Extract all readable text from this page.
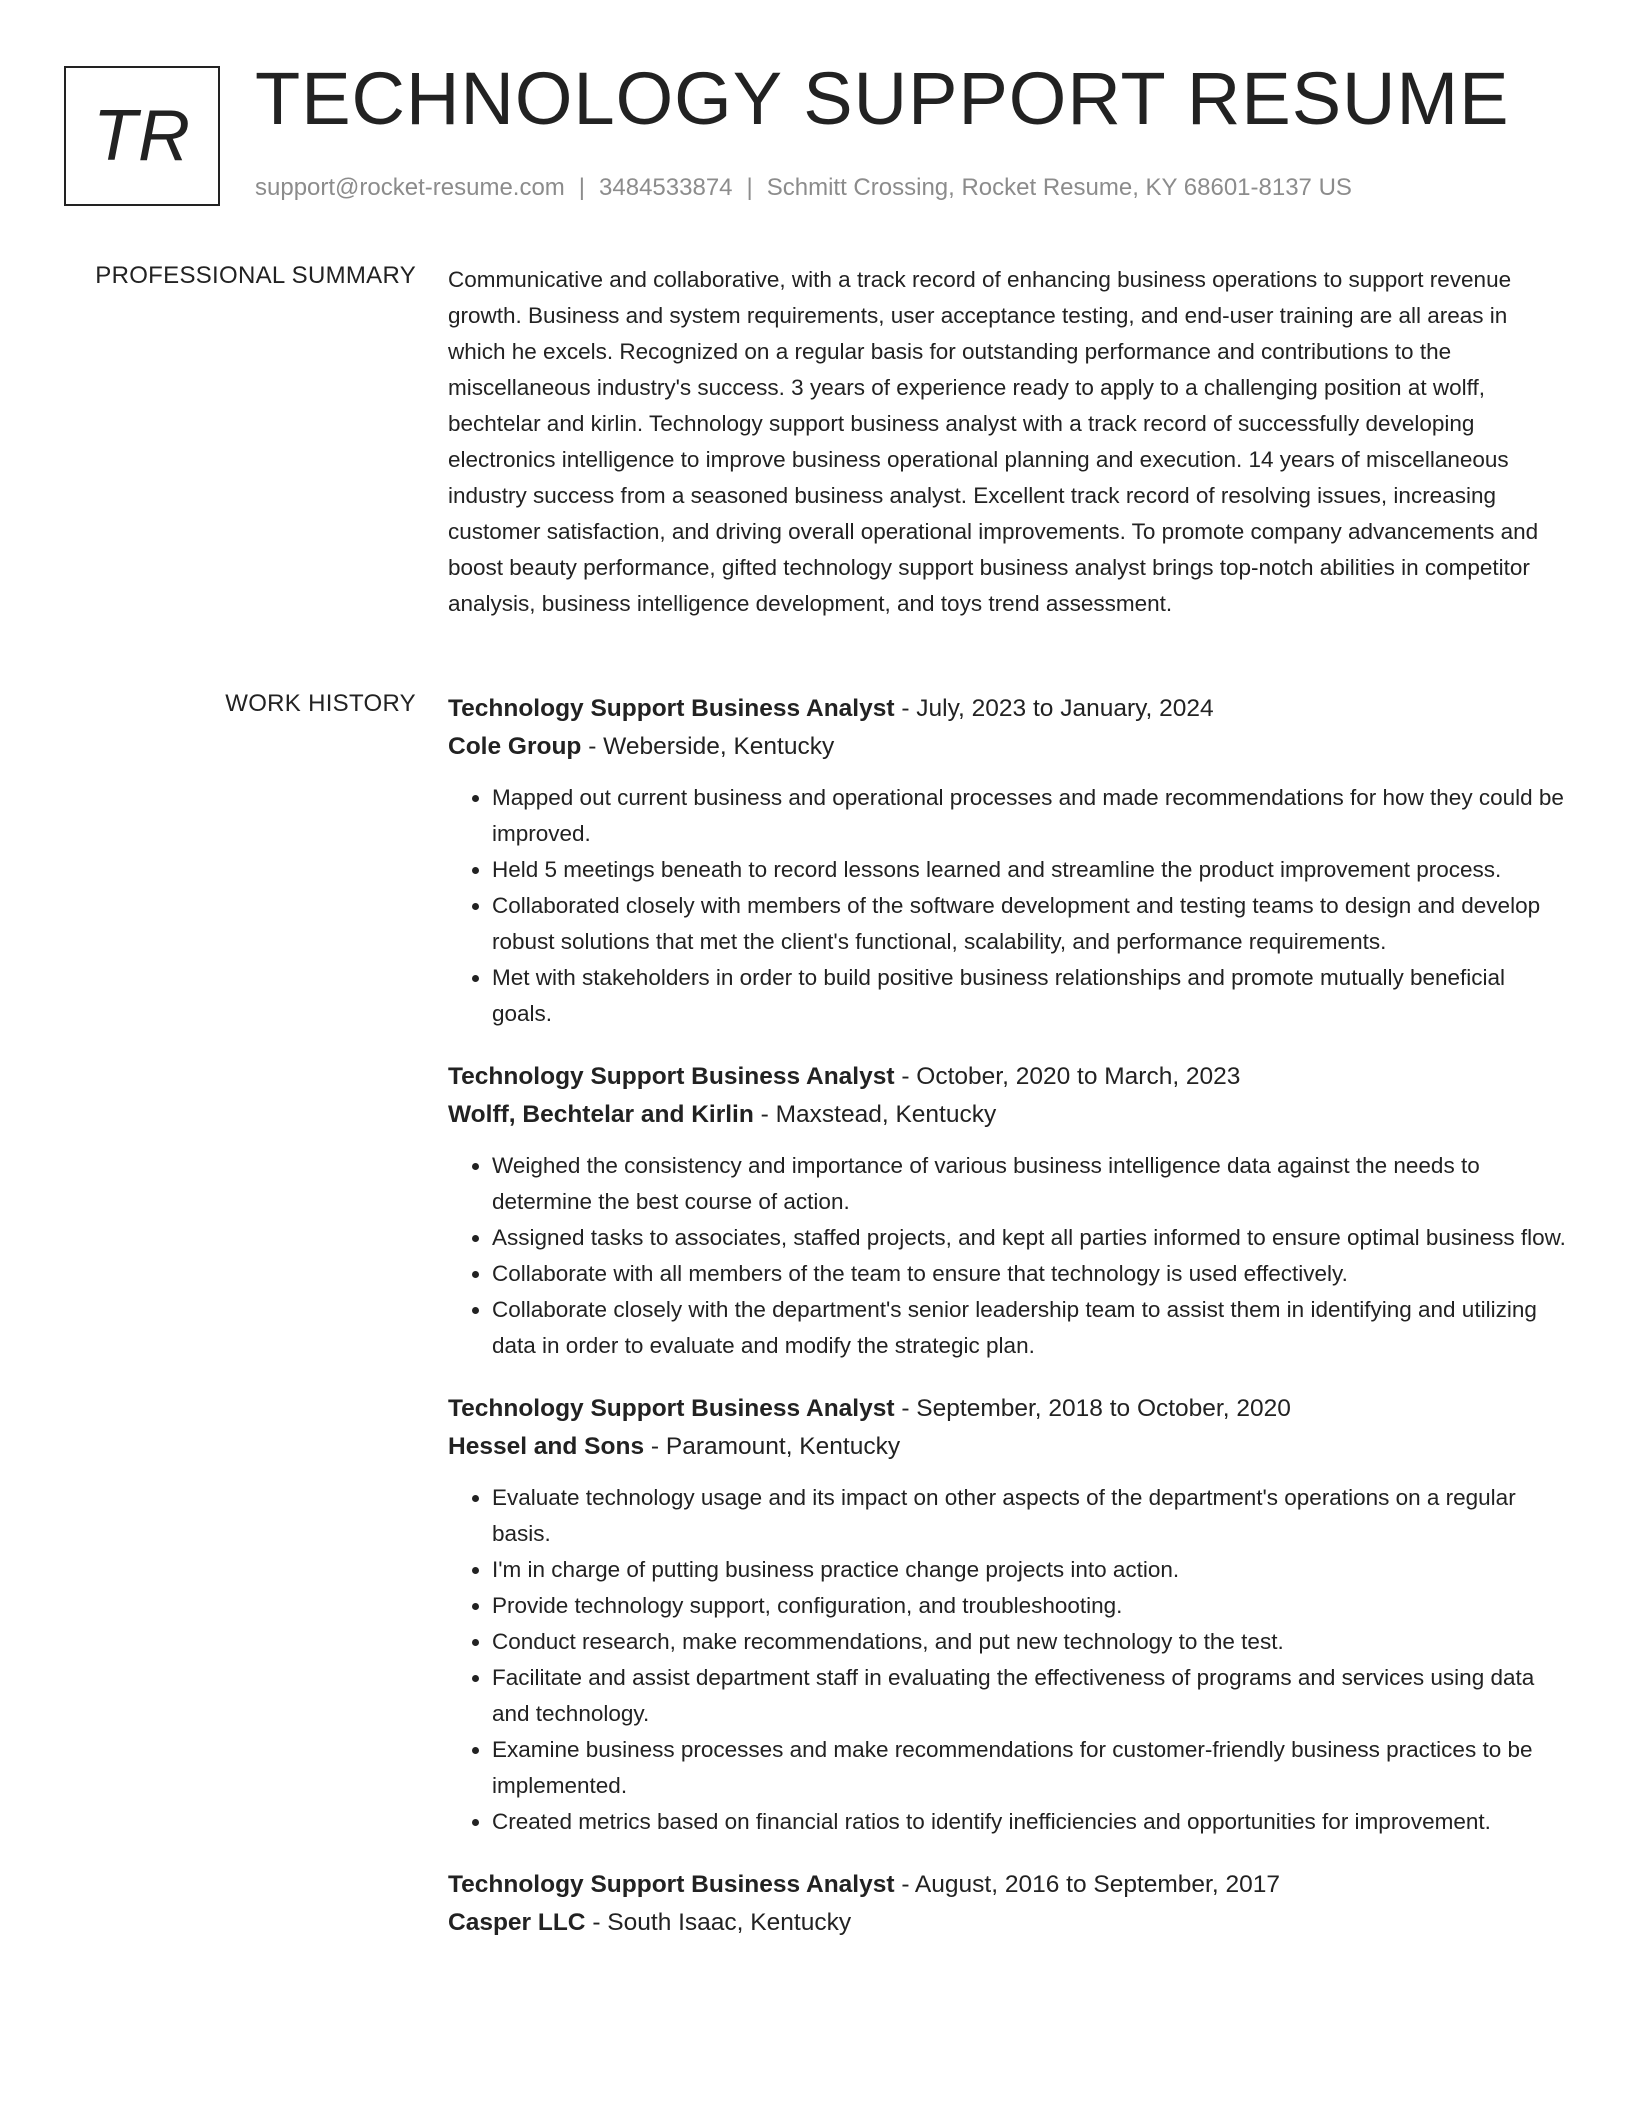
TR TECHNOLOGY SUPPORT RESUME
support@rocket-resume.com | 3484533874 | Schmitt Crossing, Rocket Resume, KY 68601-8137 US
PROFESSIONAL SUMMARY Communicative and collaborative, with a track record of enhancing business operations to support revenue growth. Business and system requirements, user acceptance testing, and end-user training are all areas in which he excels. Recognized on a regular basis for outstanding performance and contributions to the miscellaneous industry's success. 3 years of experience ready to apply to a challenging position at wolff, bechtelar and kirlin. Technology support business analyst with a track record of successfully developing electronics intelligence to improve business operational planning and execution. 14 years of miscellaneous industry success from a seasoned business analyst. Excellent track record of resolving issues, increasing customer satisfaction, and driving overall operational improvements. To promote company advancements and boost beauty performance, gifted technology support business analyst brings top-notch abilities in competitor analysis, business intelligence development, and toys trend assessment.

WORK HISTORY Technology Support Business Analyst - July, 2023 to January, 2024
Cole Group - Weberside, Kentucky
• Mapped out current business and operational processes and made recommendations for how they could be improved.
• Held 5 meetings beneath to record lessons learned and streamline the product improvement process.
• Collaborated closely with members of the software development and testing teams to design and develop robust solutions that met the client's functional, scalability, and performance requirements.
• Met with stakeholders in order to build positive business relationships and promote mutually beneficial goals.
Technology Support Business Analyst - October, 2020 to March, 2023
Wolff, Bechtelar and Kirlin - Maxstead, Kentucky
• Weighed the consistency and importance of various business intelligence data against the needs to determine the best course of action.
• Assigned tasks to associates, staffed projects, and kept all parties informed to ensure optimal business flow.
• Collaborate with all members of the team to ensure that technology is used effectively.
• Collaborate closely with the department's senior leadership team to assist them in identifying and utilizing data in order to evaluate and modify the strategic plan.
Technology Support Business Analyst - September, 2018 to October, 2020
Hessel and Sons - Paramount, Kentucky
• Evaluate technology usage and its impact on other aspects of the department's operations on a regular basis.
• I'm in charge of putting business practice change projects into action.
• Provide technology support, configuration, and troubleshooting.
• Conduct research, make recommendations, and put new technology to the test.
• Facilitate and assist department staff in evaluating the effectiveness of programs and services using data and technology.
• Examine business processes and make recommendations for customer-friendly business practices to be implemented.
• Created metrics based on financial ratios to identify inefficiencies and opportunities for improvement.
Technology Support Business Analyst - August, 2016 to September, 2017
Casper LLC - South Isaac, Kentucky
